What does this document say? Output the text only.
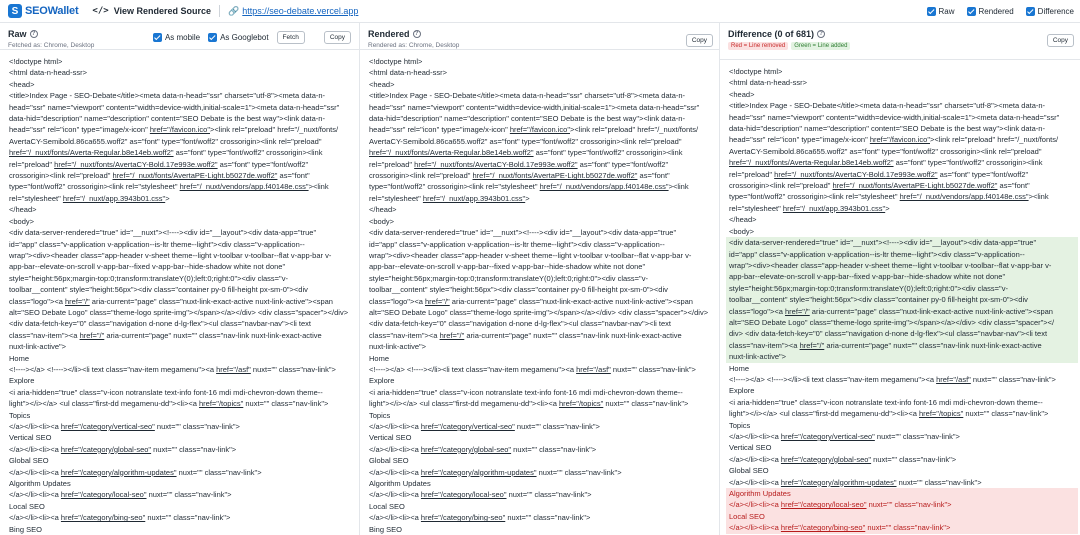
S SEOWallet </> View Rendered Source 🔗 https://seo-debate.vercel.app	Raw	Rendered	Difference
Raw ?
Fetched as: Chrome, Desktop
As mobile	As Googlebot	Fetch	Copy
<!doctype html>
<html data-n-head-ssr>
<head>
<title>Index Page - SEO-Debate</title><meta data-n-head="ssr" charset="utf-8"><meta data-n-
head="ssr" name="viewport" content="width=device-width,initial-scale=1"><meta data-n-head="ssr"
data-hid="description" name="description" content="SEO Debate is the best way"><link data-n-
head="ssr" rel="icon" type="image/x-icon" href="/favicon.ico"><link rel="preload" href="/_nuxt/fonts/
AvertaCY-Semibold.86ca655.woff2" as="font" type="font/woff2" crossorigin><link rel="preload"
href="/_nuxt/fonts/Averta-Regular.b8e14eb.woff2" as="font" type="font/woff2" crossorigin><link
rel="preload" href="/_nuxt/fonts/AvertaCY-Bold.17e993e.woff2" as="font" type="font/woff2"
crossorigin><link rel="preload" href="/_nuxt/fonts/AvertaPE-Light.b5027de.woff2" as="font"
type="font/woff2" crossorigin><link rel="stylesheet" href="/_nuxt/vendors/app.f40148e.css"><link
rel="stylesheet" href="/_nuxt/app.3943b01.css">
</head>
<body>
<div data-server-rendered="true" id="__nuxt"><!----><div id="__layout"><div data-app="true"
id="app" class="v-application v-application--is-ltr theme--light"><div class="v-application--
wrap"><div><header class="app-header v-sheet theme--light v-toolbar v-toolbar--flat v-app-bar v-
app-bar--elevate-on-scroll v-app-bar--fixed v-app-bar--hide-shadow white not done"
style="height:56px;margin-top:0;transform:translateY(0);left:0;right:0"><div class="v-
toolbar__content" style="height:56px"><div class="container py-0 fill-height px-sm-0"><div
class="logo"><a href="/" aria-current="page" class="nuxt-link-exact-active nuxt-link-active"><span
alt="SEO Debate Logo" class="theme-logo sprite-img"></span></a></div> <div class="spacer"></div>
<div data-fetch-key="0" class="navigation d-none d-lg-flex"><ul class="navbar-nav"><li text
class="nav-item"><a href="/" aria-current="page" nuxt="" class="nav-link nuxt-link-exact-active
nuxt-link-active">
Home
<!----></a> <!----></li><li text class="nav-item megamenu"><a href="/asf" nuxt="" class="nav-link">
Explore
<i aria-hidden="true" class="v-icon notranslate text-info font-16 mdi mdi-chevron-down theme--
light"></i></a> <ul class="first-dd megamenu-dd"><li><a href="/topics" nuxt="" class="nav-link">
Topics
</a></li><li><a href="/category/vertical-seo" nuxt="" class="nav-link">
Vertical SEO
</a></li><li><a href="/category/global-seo" nuxt="" class="nav-link">
Global SEO
</a></li><li><a href="/category/algorithm-updates" nuxt="" class="nav-link">
Algorithm Updates
</a></li><li><a href="/category/local-seo" nuxt="" class="nav-link">
Local SEO
</a></li><li><a href="/category/bing-seo" nuxt="" class="nav-link">
Bing SEO
Rendered ?
Rendered as: Chrome, Desktop
Copy
<!doctype html>
<html data-n-head-ssr>
<head>
<title>Index Page - SEO-Debate</title><meta data-n-head="ssr" charset="utf-8"><meta data-n-
head="ssr" name="viewport" content="width=device-width,initial-scale=1"><meta data-n-head="ssr"
data-hid="description" name="description" content="SEO Debate is the best way"><link data-n-
head="ssr" rel="icon" type="image/x-icon" href="/favicon.ico"><link rel="preload" href="/_nuxt/fonts/
AvertaCY-Semibold.86ca655.woff2" as="font" type="font/woff2" crossorigin><link rel="preload"
href="/_nuxt/fonts/Averta-Regular.b8e14eb.woff2" as="font" type="font/woff2" crossorigin><link
rel="preload" href="/_nuxt/fonts/AvertaCY-Bold.17e993e.woff2" as="font" type="font/woff2"
crossorigin><link rel="preload" href="/_nuxt/fonts/AvertaPE-Light.b5027de.woff2" as="font"
type="font/woff2" crossorigin><link rel="stylesheet" href="/_nuxt/vendors/app.f40148e.css"><link
rel="stylesheet" href="/_nuxt/app.3943b01.css">
</head>
<body>
<div data-server-rendered="true" id="__nuxt"><!----><div id="__layout"><div data-app="true"
id="app" class="v-application v-application--is-ltr theme--light"><div class="v-application--
wrap"><div><header class="app-header v-sheet theme--light v-toolbar v-toolbar--flat v-app-bar v-
app-bar--elevate-on-scroll v-app-bar--fixed v-app-bar--hide-shadow white not done"
style="height:56px;margin-top:0;transform:translateY(0);left:0;right:0"><div class="v-
toolbar__content" style="height:56px"><div class="container py-0 fill-height px-sm-0"><div
class="logo"><a href="/" aria-current="page" class="nuxt-link-exact-active nuxt-link-active"><span
alt="SEO Debate Logo" class="theme-logo sprite-img"></span></a></div> <div class="spacer"></div>
<div data-fetch-key="0" class="navigation d-none d-lg-flex"><ul class="navbar-nav"><li text
class="nav-item"><a href="/" aria-current="page" nuxt="" class="nav-link nuxt-link-exact-active
nuxt-link-active">
Home
<!----></a> <!----></li><li text class="nav-item megamenu"><a href="/asf" nuxt="" class="nav-link">
Explore
<i aria-hidden="true" class="v-icon notranslate text-info font-16 mdi mdi-chevron-down theme--
light"></i></a> <ul class="first-dd megamenu-dd"><li><a href="/topics" nuxt="" class="nav-link">
Topics
</a></li><li><a href="/category/vertical-seo" nuxt="" class="nav-link">
Vertical SEO
</a></li><li><a href="/category/global-seo" nuxt="" class="nav-link">
Global SEO
</a></li><li><a href="/category/algorithm-updates" nuxt="" class="nav-link">
Algorithm Updates
</a></li><li><a href="/category/local-seo" nuxt="" class="nav-link">
Local SEO
</a></li><li><a href="/category/bing-seo" nuxt="" class="nav-link">
Bing SEO
Difference (0 of 681) ?
Red = Line removed	Green = Line added
Copy
<!doctype html>
<html data-n-head-ssr>
<head>
<title>Index Page - SEO-Debate</title><meta data-n-head="ssr" charset="utf-8"><meta data-n-
head="ssr" name="viewport" content="width=device-width,initial-scale=1"><meta data-n-head="ssr"
data-hid="description" name="description" content="SEO Debate is the best way"><link data-n-
head="ssr" rel="icon" type="image/x-icon" href="/favicon.ico"><link rel="preload" href="/_nuxt/fonts/
AvertaCY-Semibold.86ca655.woff2" as="font" type="font/woff2" crossorigin><link rel="preload"
href="/_nuxt/fonts/Averta-Regular.b8e14eb.woff2" as="font" type="font/woff2" crossorigin><link
rel="preload" href="/_nuxt/fonts/AvertaCY-Bold.17e993e.woff2" as="font" type="font/woff2"
crossorigin><link rel="preload" href="/_nuxt/fonts/AvertaPE-Light.b5027de.woff2" as="font"
type="font/woff2" crossorigin><link rel="stylesheet" href="/_nuxt/vendors/app.f40148e.css"><link
rel="stylesheet" href="/_nuxt/app.3943b01.css">
</head>
<body>
<div data-server-rendered="true" id="__nuxt"><!----><div id="__layout"><div data-app="true"
id="app" class="v-application v-application--is-ltr theme--light"><div class="v-application--
wrap"><div><header class="app-header v-sheet theme--light v-toolbar v-toolbar--flat v-app-bar v-
app-bar--elevate-on-scroll v-app-bar--fixed v-app-bar--hide-shadow white not done"
style="height:56px;margin-top:0;transform:translateY(0);left:0;right:0"><div class="v-
toolbar__content" style="height:56px"><div class="container py-0 fill-height px-sm-0"><div
class="logo"><a href="/" aria-current="page" class="nuxt-link-exact-active nuxt-link-active"><span
alt="SEO Debate Logo" class="theme-logo sprite-img"></span></a></div> <div class="spacer"></
div> <div data-fetch-key="0" class="navigation d-none d-lg-flex"><ul class="navbar-nav"><li text
class="nav-item"><a href="/" aria-current="page" nuxt="" class="nav-link nuxt-link-exact-active
nuxt-link-active">
Home
<!----></a> <!----></li><li text class="nav-item megamenu"><a href="/asf" nuxt="" class="nav-link">
Explore
<i aria-hidden="true" class="v-icon notranslate text-info font-16 mdi mdi-chevron-down theme--
light"></i></a> <ul class="first-dd megamenu-dd"><li><a href="/topics" nuxt="" class="nav-link">
Topics
</a></li><li><a href="/category/vertical-seo" nuxt="" class="nav-link">
Vertical SEO
</a></li><li><a href="/category/global-seo" nuxt="" class="nav-link">
Global SEO
</a></li><li><a href="/category/algorithm-updates" nuxt="" class="nav-link">
Algorithm Updates
</a></li><li><a href="/category/local-seo" nuxt="" class="nav-link">
Local SEO
</a></li><li><a href="/category/bing-seo" nuxt="" class="nav-link">
